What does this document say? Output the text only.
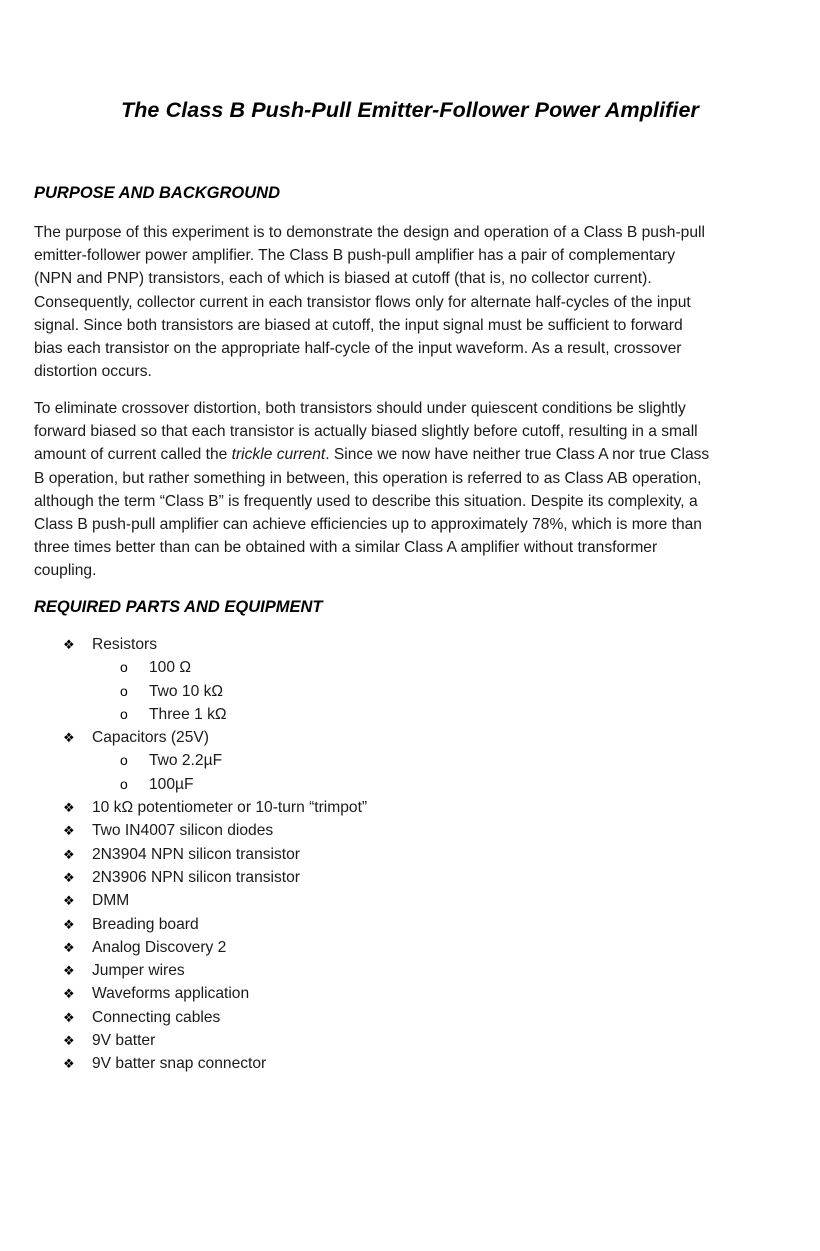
The Class B Push-Pull Emitter-Follower Power Amplifier
PURPOSE AND BACKGROUND
The purpose of this experiment is to demonstrate the design and operation of a Class B push-pull
emitter-follower power amplifier. The Class B push-pull amplifier has a pair of complementary
(NPN and PNP) transistors, each of which is biased at cutoff (that is, no collector current).
Consequently, collector current in each transistor flows only for alternate half-cycles of the input
signal. Since both transistors are biased at cutoff, the input signal must be sufficient to forward
bias each transistor on the appropriate half-cycle of the input waveform. As a result, crossover
distortion occurs.
To eliminate crossover distortion, both transistors should under quiescent conditions be slightly
forward biased so that each transistor is actually biased slightly before cutoff, resulting in a small
amount of current called the trickle current. Since we now have neither true Class A nor true Class
B operation, but rather something in between, this operation is referred to as Class AB operation,
although the term “Class B” is frequently used to describe this situation. Despite its complexity, a
Class B push-pull amplifier can achieve efficiencies up to approximately 78%, which is more than
three times better than can be obtained with a similar Class A amplifier without transformer
coupling.
REQUIRED PARTS AND EQUIPMENT
❖ Resistors
o 100 Ω
o Two 10 kΩ
o Three 1 kΩ
❖ Capacitors (25V)
o Two 2.2µF
o 100µF
❖ 10 kΩ potentiometer or 10-turn “trimpot”
❖ Two IN4007 silicon diodes
❖ 2N3904 NPN silicon transistor
❖ 2N3906 NPN silicon transistor
❖ DMM
❖ Breading board
❖ Analog Discovery 2
❖ Jumper wires
❖ Waveforms application
❖ Connecting cables
❖ 9V batter
❖ 9V batter snap connector
